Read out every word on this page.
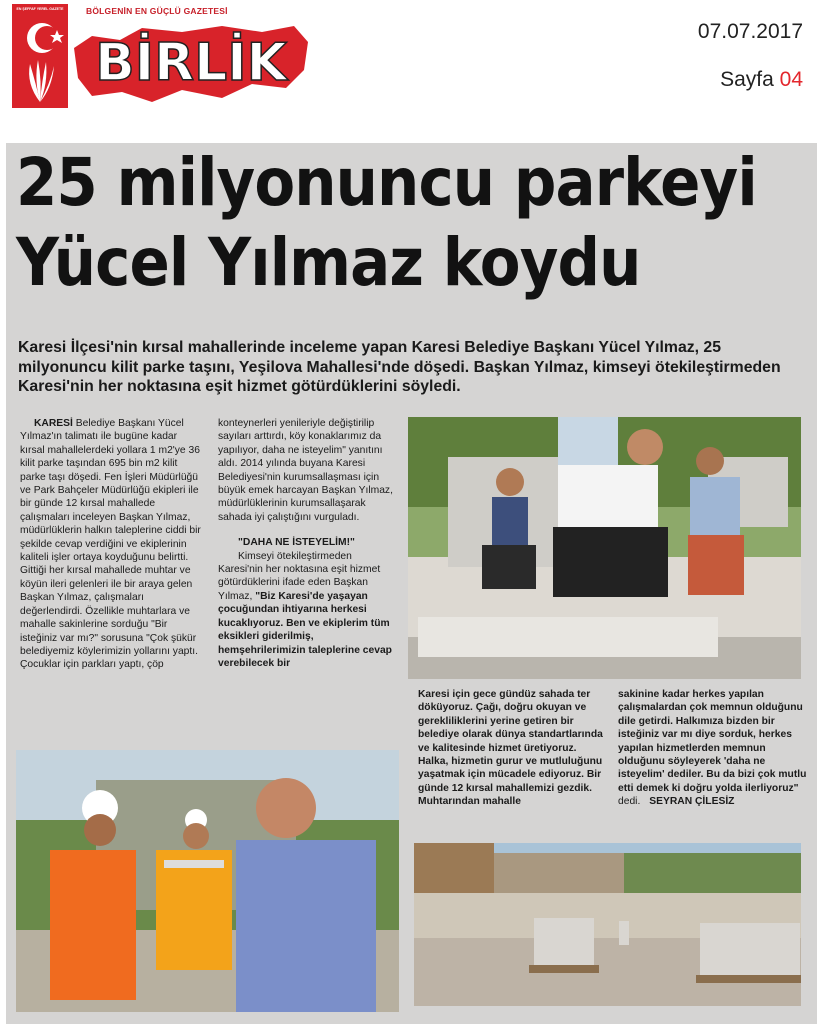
EN ŞEFFAF YEREL GAZETE	BÖLGENİN EN GÜÇLÜ GAZETESİ
BİRLİK
07.07.2017
Sayfa 04
25 milyonuncu parkeyi
Yücel Yılmaz koydu
Karesi İlçesi'nin kırsal mahallerinde inceleme yapan Karesi Belediye Başkanı Yücel Yılmaz, 25 milyonuncu kilit parke taşını, Yeşilova Mahallesi'nde döşedi. Başkan Yılmaz, kimseyi ötekileştirmeden Karesi'nin her noktasına eşit hizmet götürdüklerini söyledi.

KARESİ Belediye Başkanı Yücel Yılmaz'ın talimatı ile bugüne kadar kırsal mahallelerdeki yollara 1 m2'ye 36 kilit parke taşından 695 bin m2 kilit parke taşı döşedi. Fen İşleri Müdürlüğü ve Park Bahçeler Müdürlüğü ekipleri ile bir günde 12 kırsal mahallede çalışmaları inceleyen Başkan Yılmaz, müdürlüklerin halkın taleplerine ciddi bir şekilde cevap verdiğini ve ekiplerinin kaliteli işler ortaya koyduğunu belirtti. Gittiği her kırsal mahallede muhtar ve köyün ileri gelenleri ile bir araya gelen Başkan Yılmaz, çalışmaları değerlendirdi. Özellikle muhtarlara ve mahalle sakinlerine sorduğu "Bir isteğiniz var mı?" sorusuna "Çok şükür belediyemiz köylerimizin yollarını yaptı. Çocuklar için parkları yaptı, çöp

konteynerleri yenileriyle değiştirilip sayıları arttırdı, köy konaklarımız da yapılıyor, daha ne isteyelim" yanıtını aldı. 2014 yılında buyana Karesi Belediyesi'nin kurumsallaşması için büyük emek harcayan Başkan Yılmaz, müdürlüklerinin kurumsallaşarak sahada iyi çalıştığını vurguladı.

"DAHA NE İSTEYELİM!"

Kimseyi ötekileştirmeden Karesi'nin her noktasına eşit hizmet götürdüklerini ifade eden Başkan Yılmaz, "Biz Karesi'de yaşayan çocuğundan ihtiyarına herkesi kucaklıyoruz. Ben ve ekiplerim tüm eksikleri giderilmiş, hemşehrilerimizin taleplerine cevap verebilecek bir

Karesi için gece gündüz sahada ter döküyoruz. Çağı, doğru okuyan ve gerekliliklerini yerine getiren bir belediye olarak dünya standartlarında ve kalitesinde hizmet üretiyoruz. Halka, hizmetin gurur ve mutluluğunu yaşatmak için mücadele ediyoruz. Bir günde 12 kırsal mahallemizi gezdik. Muhtarından mahalle

sakinine kadar herkes yapılan çalışmalardan çok memnun olduğunu dile getirdi. Halkımıza bizden bir isteğiniz var mı diye sorduk, herkes yapılan hizmetlerden memnun olduğunu söyleyerek 'daha ne isteyelim' dediler. Bu da bizi çok mutlu etti demek ki doğru yolda ilerliyoruz" dedi. SEYRAN ÇİLESİZ
